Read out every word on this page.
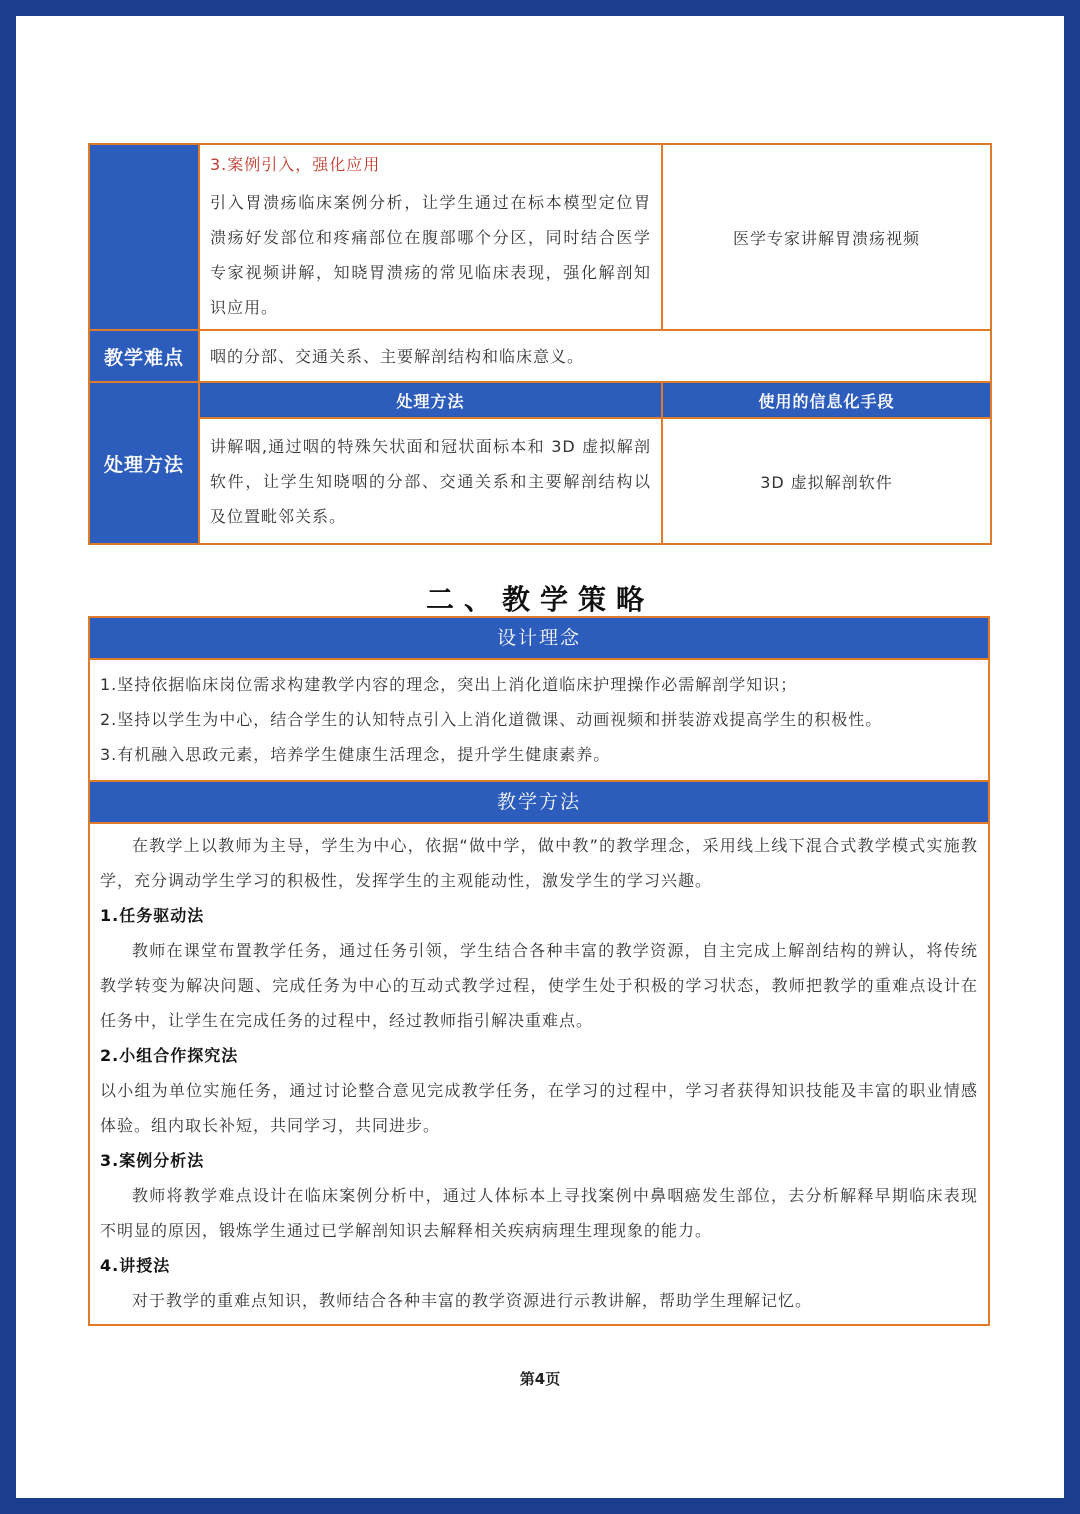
	3.案例引入，强化应用
引入胃溃疡临床案例分析，让学生通过在标本模型定位胃溃疡好发部位和疼痛部位在腹部哪个分区，同时结合医学专家视频讲解，知晓胃溃疡的常见临床表现，强化解剖知识应用。	医学专家讲解胃溃疡视频
教学难点	咽的分部、交通关系、主要解剖结构和临床意义。	

处理方法	处理方法	使用的信息化手段

	讲解咽,通过咽的特殊矢状面和冠状面标本和 3D 虚拟解剖软件，让学生知晓咽的分部、交通关系和主要解剖结构以及位置毗邻关系。	3D 虚拟解剖软件
二、教学策略
设计理念

1.坚持依据临床岗位需求构建教学内容的理念，突出上消化道临床护理操作必需解剖学知识；

2.坚持以学生为中心，结合学生的认知特点引入上消化道微课、动画视频和拼装游戏提高学生的积极性。

3.有机融入思政元素，培养学生健康生活理念，提升学生健康素养。

教学方法

在教学上以教师为主导，学生为中心，依据“做中学，做中教”的教学理念，采用线上线下混合式教学模式实施教学，充分调动学生学习的积极性，发挥学生的主观能动性，激发学生的学习兴趣。

1.任务驱动法

教师在课堂布置教学任务，通过任务引领，学生结合各种丰富的教学资源，自主完成上解剖结构的辨认，将传统教学转变为解决问题、完成任务为中心的互动式教学过程，使学生处于积极的学习状态，教师把教学的重难点设计在任务中，让学生在完成任务的过程中，经过教师指引解决重难点。

2.小组合作探究法

以小组为单位实施任务，通过讨论整合意见完成教学任务，在学习的过程中，学习者获得知识技能及丰富的职业情感体验。组内取长补短，共同学习，共同进步。

3.案例分析法

教师将教学难点设计在临床案例分析中，通过人体标本上寻找案例中鼻咽癌发生部位，去分析解释早期临床表现不明显的原因，锻炼学生通过已学解剖知识去解释相关疾病病理生理现象的能力。

4.讲授法

对于教学的重难点知识，教师结合各种丰富的教学资源进行示教讲解，帮助学生理解记忆。

第4页
